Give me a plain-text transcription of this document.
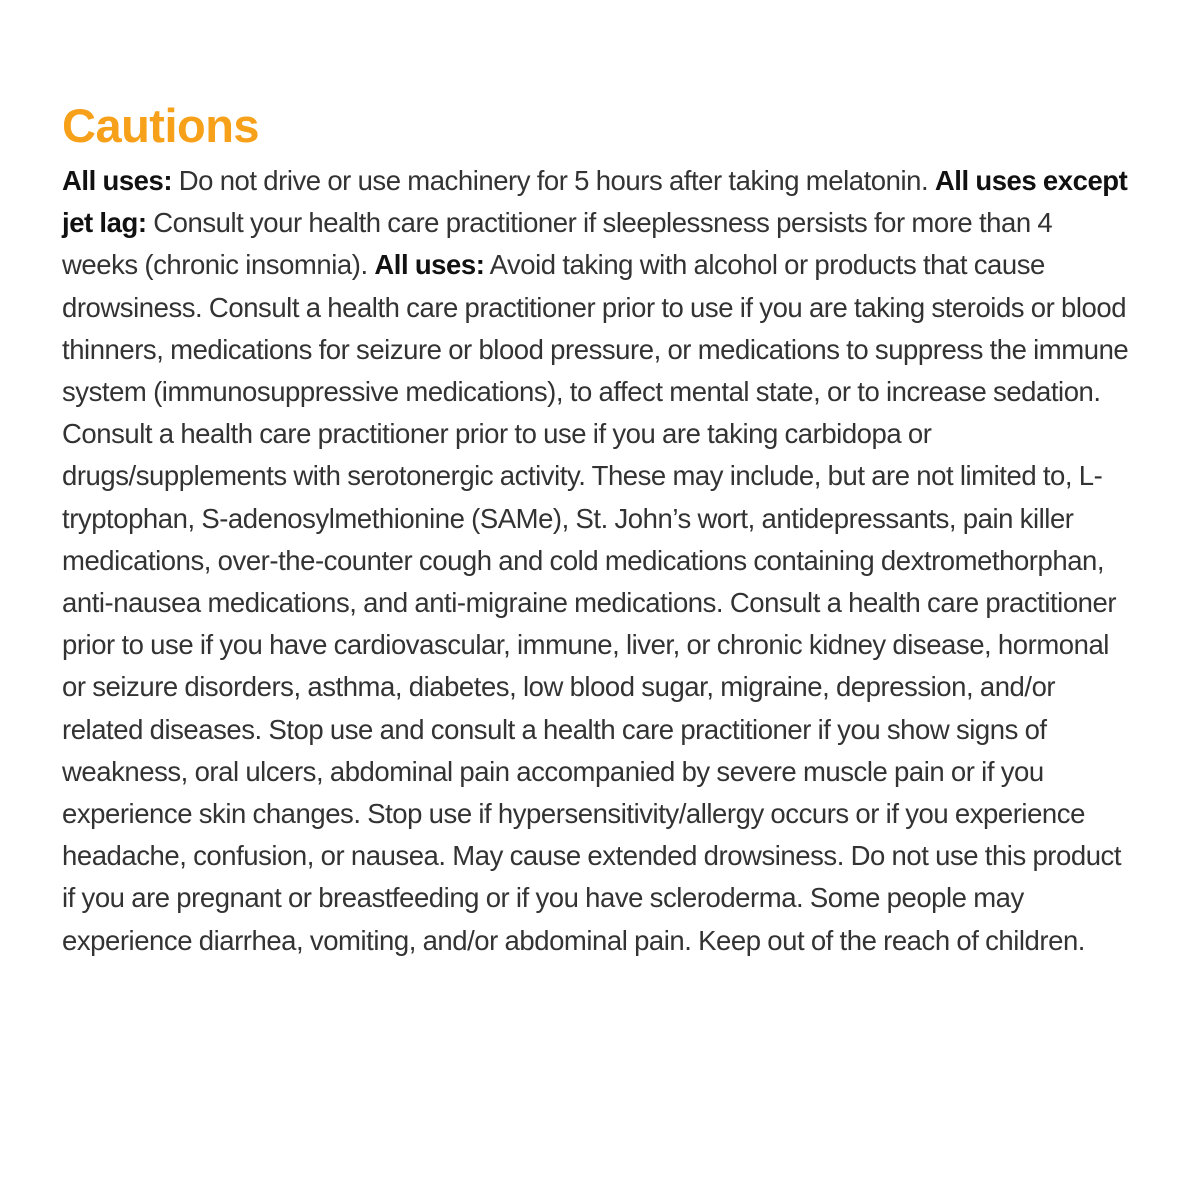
Cautions

All uses: Do not drive or use machinery for 5 hours after taking melatonin. All uses except jet lag: Consult your health care practitioner if sleeplessness persists for more than 4 weeks (chronic insomnia). All uses: Avoid taking with alcohol or products that cause drowsiness. Consult a health care practitioner prior to use if you are taking steroids or blood thinners, medications for seizure or blood pressure, or medications to suppress the immune system (immunosuppressive medications), to affect mental state, or to increase sedation. Consult a health care practitioner prior to use if you are taking carbidopa or drugs/supplements with serotonergic activity. These may include, but are not limited to, L-tryptophan, S-adenosylmethionine (SAMe), St. John’s wort, antidepressants, pain killer medications, over-the-counter cough and cold medications containing dextromethorphan, anti-nausea medications, and anti-migraine medications. Consult a health care practitioner prior to use if you have cardiovascular, immune, liver, or chronic kidney disease, hormonal or seizure disorders, asthma, diabetes, low blood sugar, migraine, depression, and/or related diseases. Stop use and consult a health care practitioner if you show signs of weakness, oral ulcers, abdominal pain accompanied by severe muscle pain or if you experience skin changes. Stop use if hypersensitivity/allergy occurs or if you experience headache, confusion, or nausea. May cause extended drowsiness. Do not use this product if you are pregnant or breastfeeding or if you have scleroderma. Some people may experience diarrhea, vomiting, and/or abdominal pain. Keep out of the reach of children.
